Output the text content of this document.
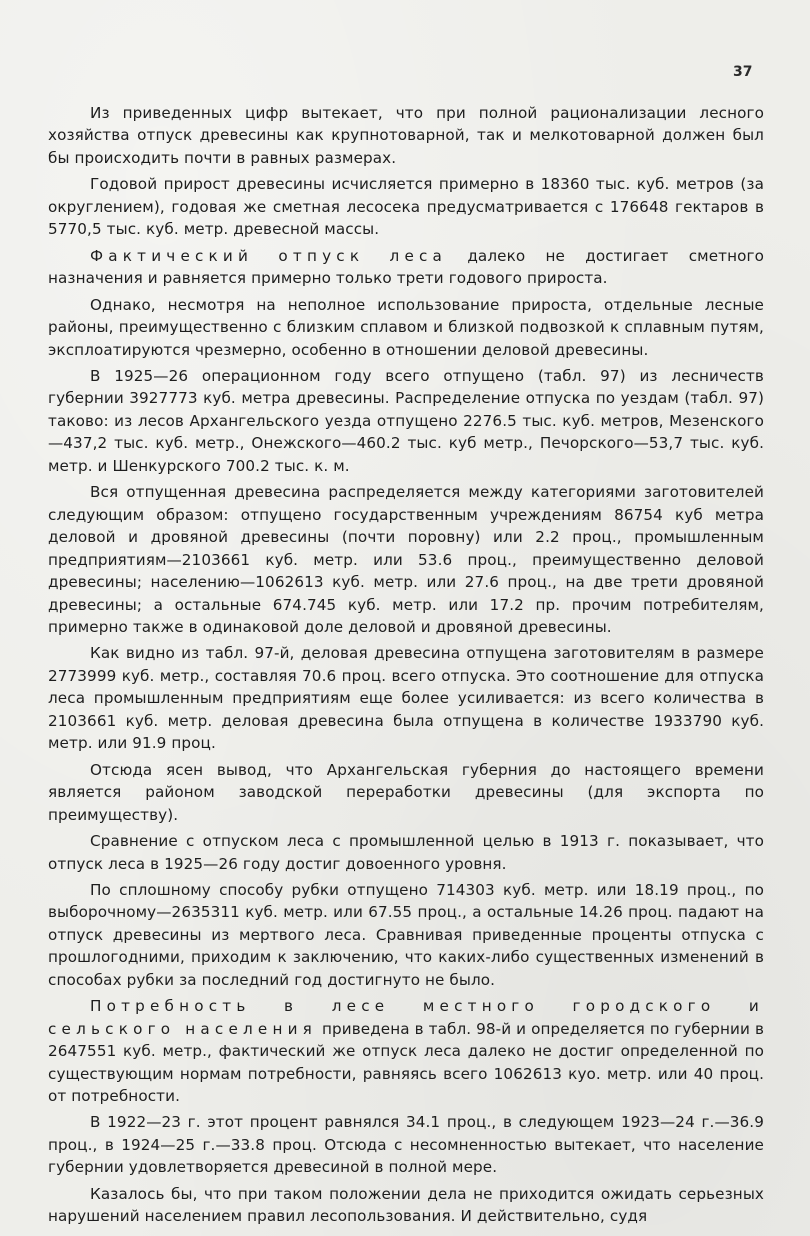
37

Из приведенных цифр вытекает, что при полной рационализации лесного хозяйства отпуск древесины как крупнотоварной, так и мелкотоварной должен был бы происходить почти в равных размерах.

Годовой прирост древесины исчисляется примерно в 18360 тыс. куб. метров (за округлением), годовая же сметная лесосека предусматривается с 176648 гектаров в 5770,5 тыс. куб. метр. древесной массы.

Фактический отпуск леса далеко не достигает сметного назначения и равняется примерно только трети годового прироста.

Однако, несмотря на неполное использование прироста, отдельные лесные районы, преимущественно с близким сплавом и близкой подвозкой к сплавным путям, эксплоатируются чрезмерно, особенно в отношении деловой древесины.

В 1925—26 операционном году всего отпущено (табл. 97) из лесничеств губернии 3927773 куб. метра древесины. Распределение отпуска по уездам (табл. 97) таково: из лесов Архангельского уезда отпущено 2276.5 тыс. куб. метров, Мезенского—437,2 тыс. куб. метр., Онежского—460.2 тыс. куб метр., Печорского—53,7 тыс. куб. метр. и Шенкурского 700.2 тыс. к. м.

Вся отпущенная древесина распределяется между категориями заготовителей следующим образом: отпущено государственным учреждениям 86754 куб метра деловой и дровяной древесины (почти поровну) или 2.2 проц., промышленным предприятиям—2103661 куб. метр. или 53.6 проц., преимущественно деловой древесины; населению—1062613 куб. метр. или 27.6 проц., на две трети дровяной древесины; а остальные 674.745 куб. метр. или 17.2 пр. прочим потребителям, примерно также в одинаковой доле деловой и дровяной древесины.

Как видно из табл. 97-й, деловая древесина отпущена заготовителям в размере 2773999 куб. метр., составляя 70.6 проц. всего отпуска. Это соотношение для отпуска леса промышленным предприятиям еще более усиливается: из всего количества в 2103661 куб. метр. деловая древесина была отпущена в количестве 1933790 куб. метр. или 91.9 проц.

Отсюда ясен вывод, что Архангельская губерния до настоящего времени является районом заводской переработки древесины (для экспорта по преимуществу).

Сравнение с отпуском леса с промышленной целью в 1913 г. показывает, что отпуск леса в 1925—26 году достиг довоенного уровня.

По сплошному способу рубки отпущено 714303 куб. метр. или 18.19 проц., по выборочному—2635311 куб. метр. или 67.55 проц., а остальные 14.26 проц. падают на отпуск древесины из мертвого леса. Сравнивая приведенные проценты отпуска с прошлогодними, приходим к заключению, что каких-либо существенных изменений в способах рубки за последний год достигнуто не было.

Потребность в лесе местного городского и сельского населения приведена в табл. 98-й и определяется по губернии в 2647551 куб. метр., фактический же отпуск леса далеко не достиг определенной по существующим нормам потребности, равняясь всего 1062613 куо. метр. или 40 проц. от потребности.

В 1922—23 г. этот процент равнялся 34.1 проц., в следующем 1923—24 г.—36.9 проц., в 1924—25 г.—33.8 проц. Отсюда с несомненностью вытекает, что население губернии удовлетворяется древесиной в полной мере.

Казалось бы, что при таком положении дела не приходится ожидать серьезных нарушений населением правил лесопользования. И действительно, судя
